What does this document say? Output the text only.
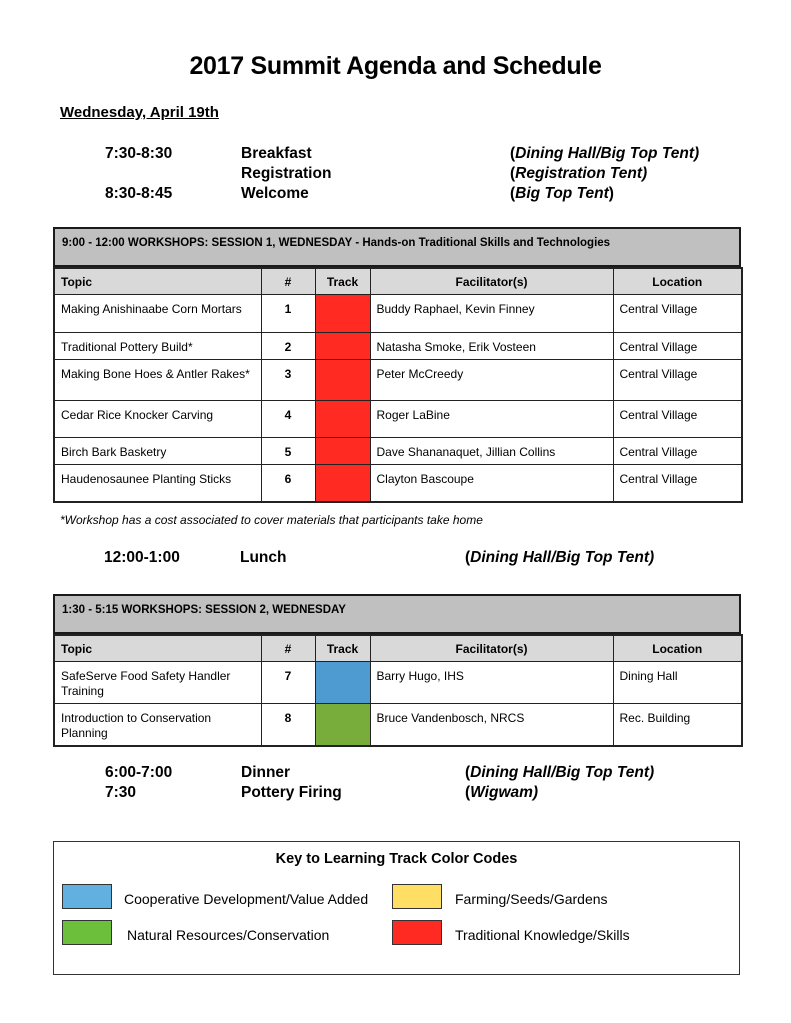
2017 Summit Agenda and Schedule
Wednesday, April 19th
7:30-8:30	Breakfast	(Dining Hall/Big Top Tent)
Registration	(Registration Tent)
8:30-8:45	Welcome	(Big Top Tent)
9:00 - 12:00 WORKSHOPS: SESSION 1, WEDNESDAY - Hands-on Traditional Skills and Technologies
Topic	#	Track	Facilitator(s)	Location
Making Anishinaabe Corn Mortars	1		Buddy Raphael, Kevin Finney	Central Village
Traditional Pottery Build*	2		Natasha Smoke, Erik Vosteen	Central Village
Making Bone Hoes & Antler Rakes*	3		Peter McCreedy	Central Village
Cedar Rice Knocker Carving	4		Roger LaBine	Central Village
Birch Bark Basketry	5		Dave Shananaquet, Jillian Collins	Central Village
Haudenosaunee Planting Sticks	6		Clayton Bascoupe	Central Village
*Workshop has a cost associated to cover materials that participants take home
12:00-1:00	Lunch	(Dining Hall/Big Top Tent)
1:30 - 5:15 WORKSHOPS: SESSION 2, WEDNESDAY
Topic	#	Track	Facilitator(s)	Location
SafeServe Food Safety Handler Training	7		Barry Hugo, IHS	Dining Hall
Introduction to Conservation Planning	8		Bruce Vandenbosch, NRCS	Rec. Building
6:00-7:00	Dinner	(Dining Hall/Big Top Tent)
7:30	Pottery Firing	(Wigwam)
Key to Learning Track Color Codes
Cooperative Development/Value Added	Farming/Seeds/Gardens
Natural Resources/Conservation	Traditional Knowledge/Skills
